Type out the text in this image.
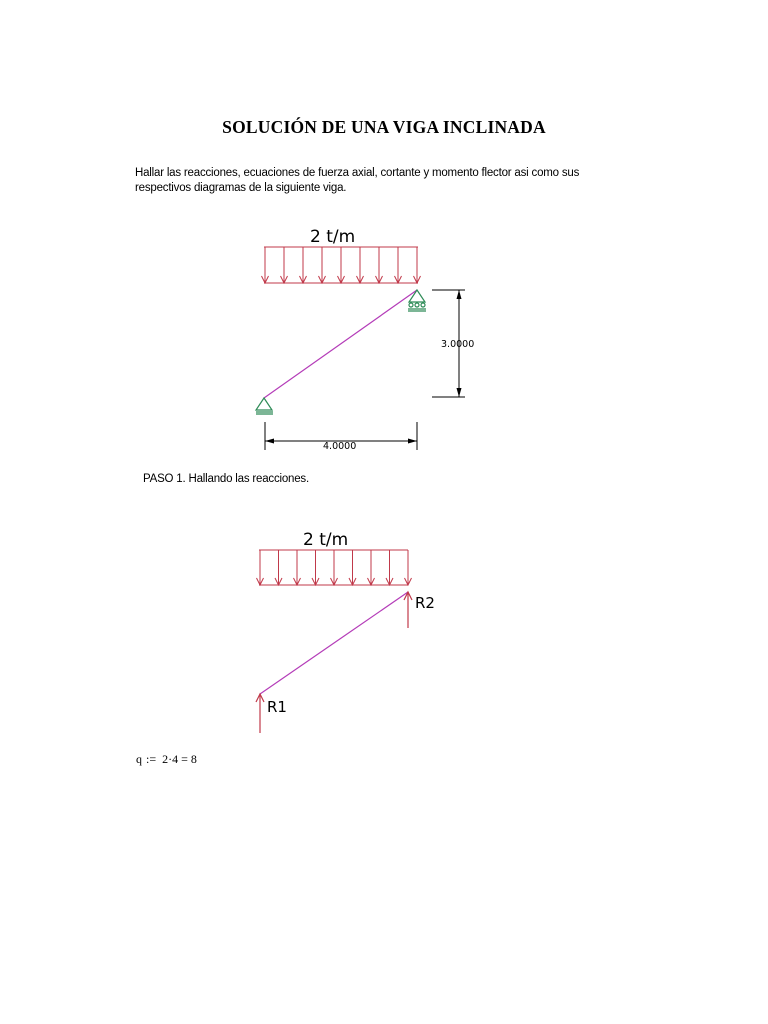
SOLUCIÓN DE UNA VIGA INCLINADA
Hallar las reacciones, ecuaciones de fuerza axial, cortante y momento flector asi como sus
respectivos diagramas de la siguiente viga.
2 t/m
3.0000
4.0000
PASO 1. Hallando las reacciones.
2 t/m
R2
R1
q := 2·4 = 8
